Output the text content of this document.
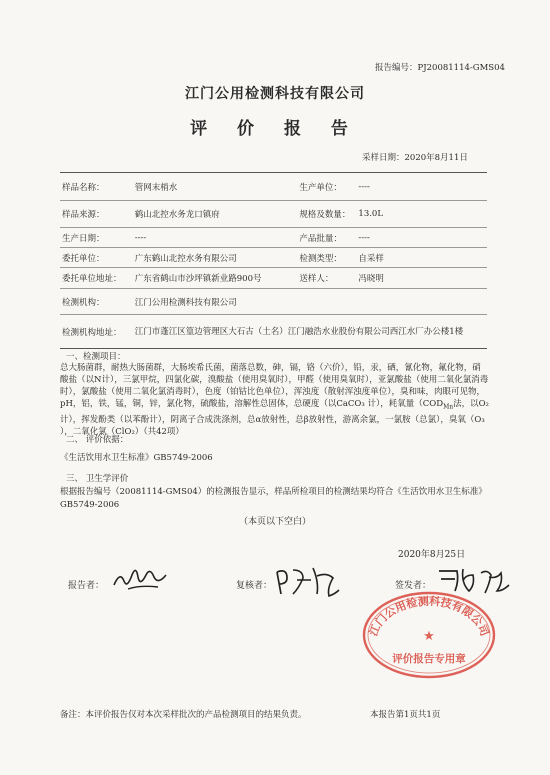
报告编号：PJ20081114-GMS04
江门公用检测科技有限公司
评 价 报 告
采样日期：2020年8月11日
样品名称：	管网末梢水	生产单位：	----
样品来源：	鹤山北控水务龙口镇府	规格及数量：	13.0L
生产日期：	----	产品批量：	----
委托单位：	广东鹤山北控水务有限公司	检测类型：	自采样
委托单位地址：	广东省鹤山市沙坪镇新业路900号	送样人：	冯晓明
检测机构：	江门公用检测科技有限公司		
检测机构地址：	江门市蓬江区篁边管理区大石古（土名）江门融浩水业股份有限公司西江水厂办公楼1楼		
一、检测项目：
总大肠菌群，耐热大肠菌群，大肠埃希氏菌，菌落总数，砷，镉，铬（六价），铅，汞，硒，氰化物，氟化物，硝酸盐（以N计），三氯甲烷，四氯化碳，溴酸盐（使用臭氧时），甲醛（使用臭氧时），亚氯酸盐（使用二氧化氯消毒时），氯酸盐（使用二氧化氯消毒时），色度（铂钴比色单位），浑浊度（散射浑浊度单位），臭和味，肉眼可见物，pH，铝，铁，锰，铜，锌，氯化物，硫酸盐，溶解性总固体，总硬度（以CaCO₃ 计），耗氧量（$COD_{Mn}$法，以O₂计），挥发酚类（以苯酚计），阴离子合成洗涤剂，总α放射性，总β放射性，游离余氯，一氯胺（总氯），臭氧（O₃ ），二氧化氯（ClO₂）（共42项）
二、 评价依据：
《生活饮用水卫生标准》GB5749-2006
三、 卫生学评价
根据报告编号（20081114-GMS04）的检测报告显示，样品所检项目的检测结果均符合《生活饮用水卫生标准》GB5749-2006
（本页以下空白）
2020年8月25日
报告者：	复核者：	签发者：
江门公用检测科技有限公司
★
评价报告专用章
备注：本评价报告仅对本次采样批次的产品检测项目的结果负责。	本报告第1页共1页
